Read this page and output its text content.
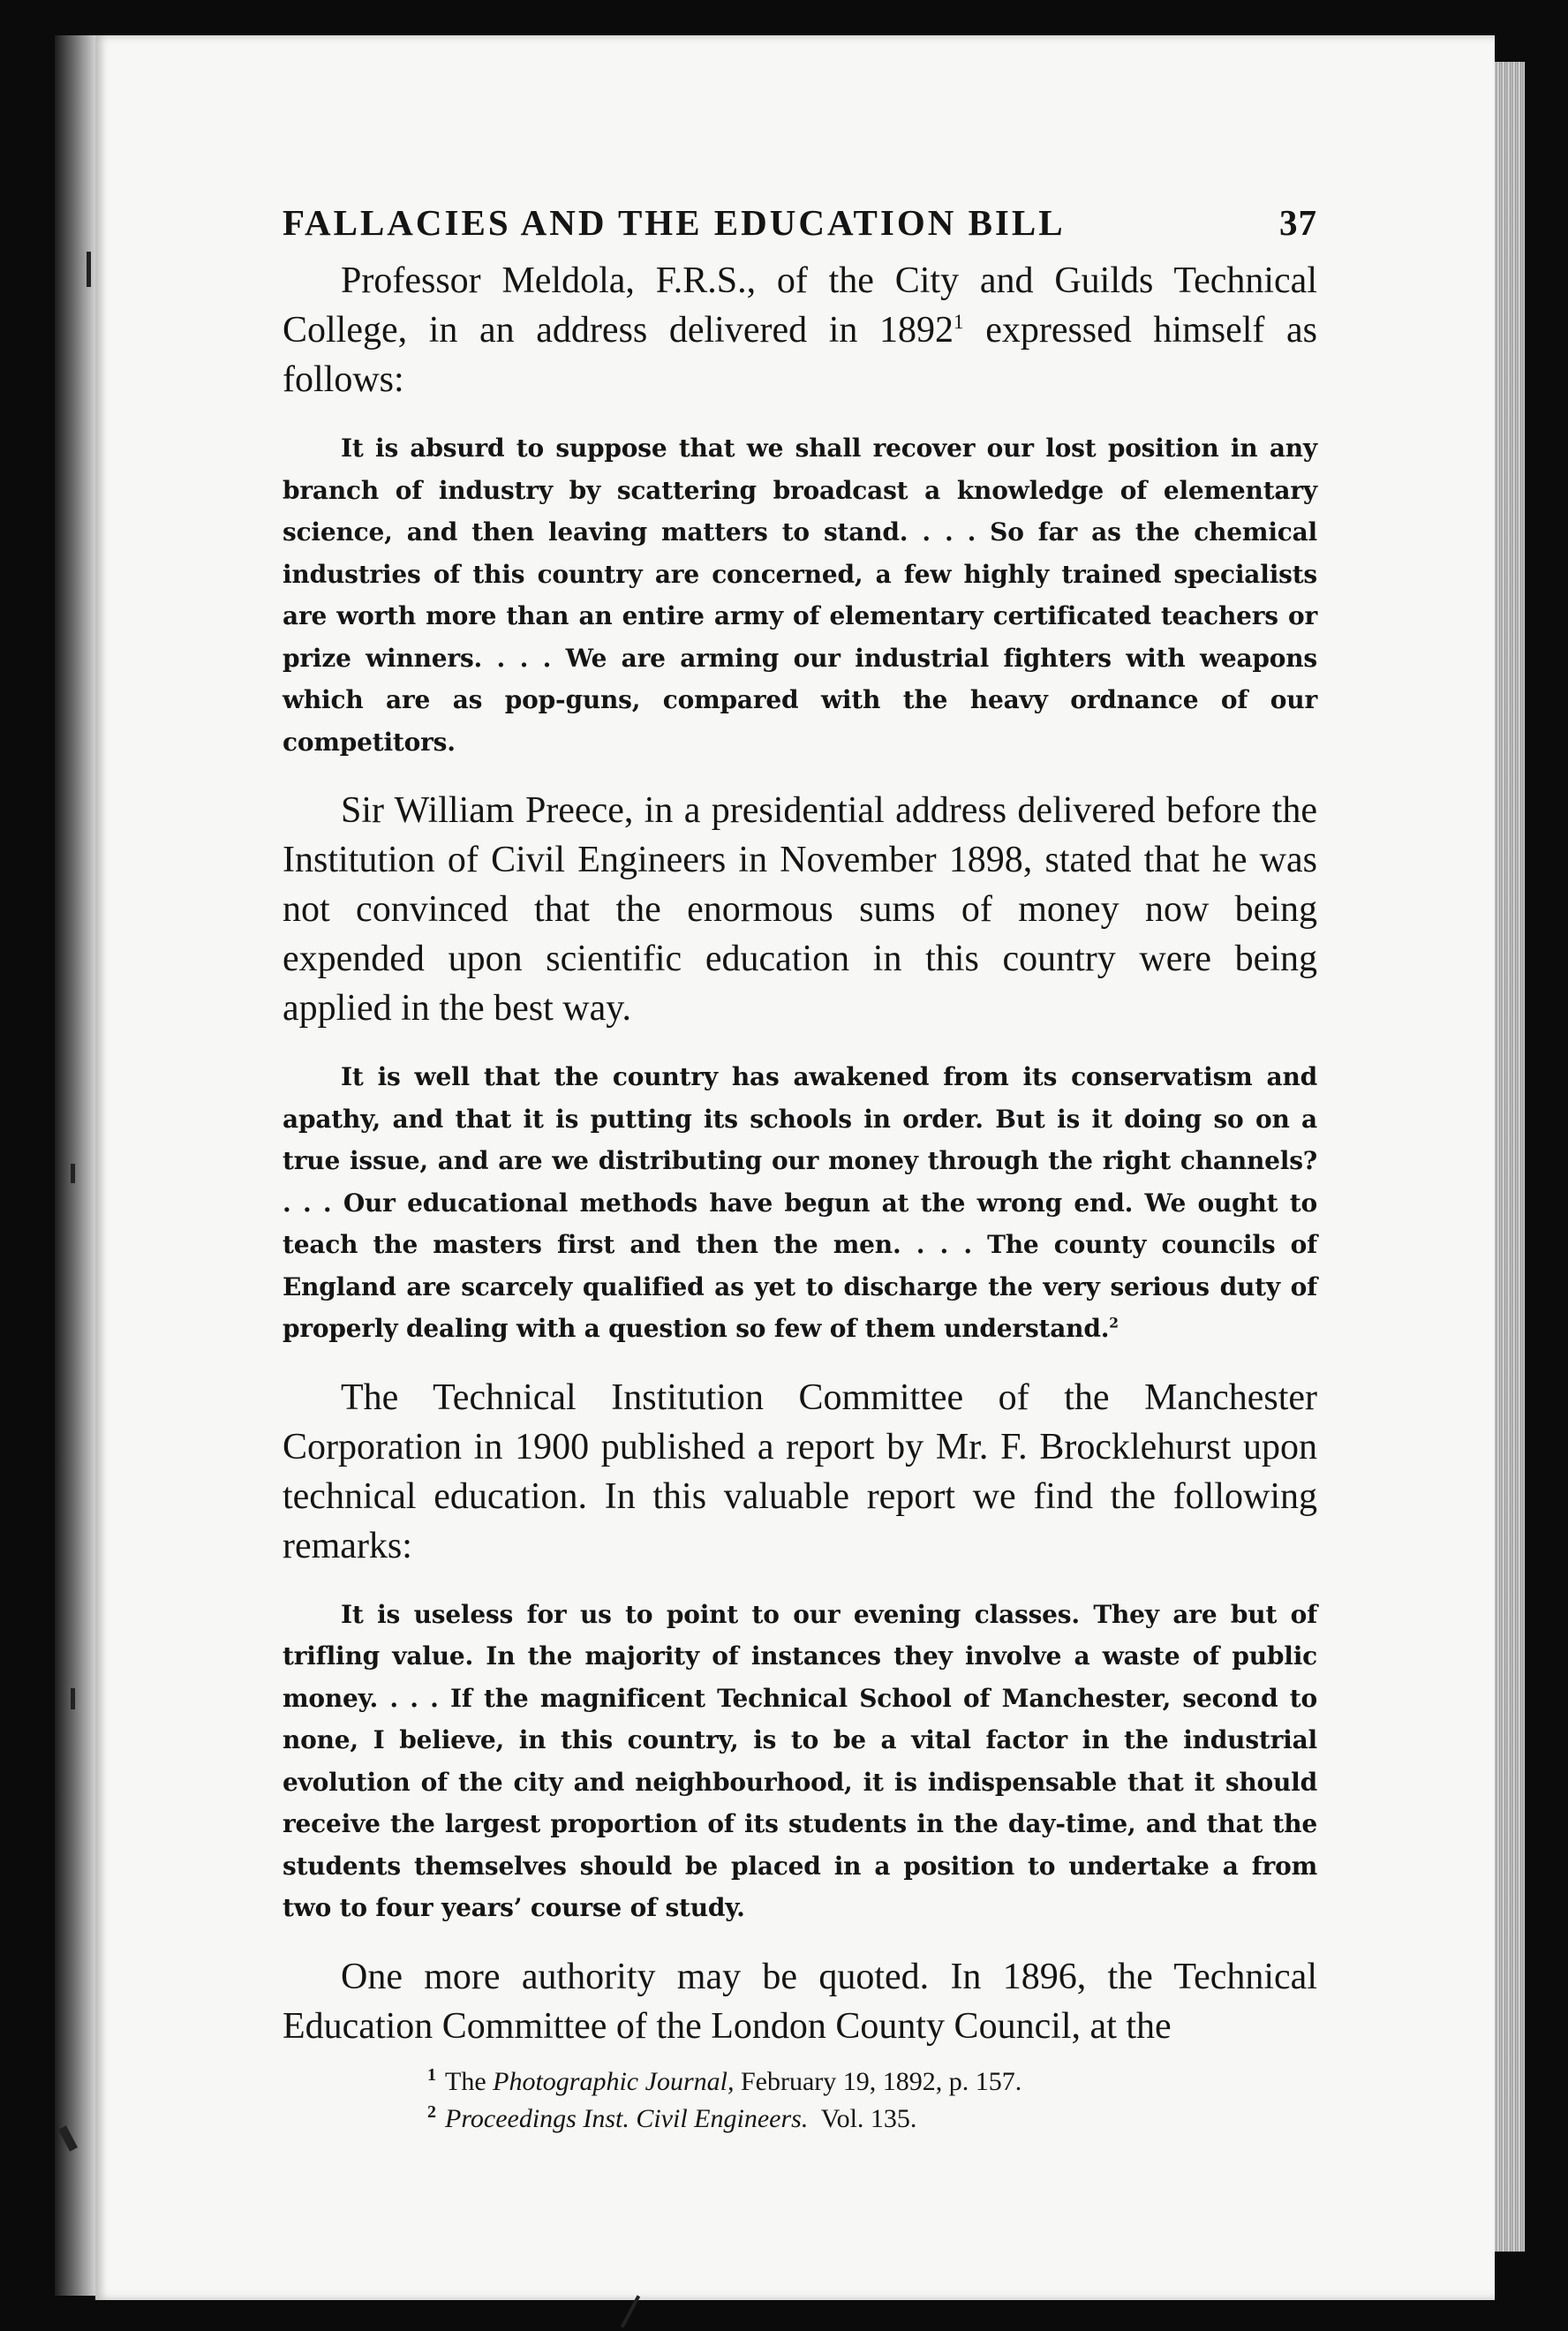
FALLACIES AND THE EDUCATION BILL	37

Professor Meldola, F.R.S., of the City and Guilds Technical College, in an address delivered in 1892$^1$ expressed himself as follows:

It is absurd to suppose that we shall recover our lost position in any branch of industry by scattering broadcast a knowledge of elementary science, and then leaving matters to stand. . . . So far as the chemical industries of this country are concerned, a few highly trained specialists are worth more than an entire army of elementary certificated teachers or prize winners. . . . We are arming our industrial fighters with weapons which are as pop-guns, compared with the heavy ordnance of our competitors.

Sir William Preece, in a presidential address delivered before the Institution of Civil Engineers in November 1898, stated that he was not convinced that the enormous sums of money now being expended upon scientific education in this country were being applied in the best way.

It is well that the country has awakened from its conservatism and apathy, and that it is putting its schools in order. But is it doing so on a true issue, and are we distributing our money through the right channels? . . . Our educational methods have begun at the wrong end. We ought to teach the masters first and then the men. . . . The county councils of England are scarcely qualified as yet to discharge the very serious duty of properly dealing with a question so few of them understand.$^2$

The Technical Institution Committee of the Manchester Corporation in 1900 published a report by Mr. F. Brocklehurst upon technical education. In this valuable report we find the following remarks:

It is useless for us to point to our evening classes. They are but of trifling value. In the majority of instances they involve a waste of public money. . . . If the magnificent Technical School of Manchester, second to none, I believe, in this country, is to be a vital factor in the industrial evolution of the city and neighbourhood, it is indispensable that it should receive the largest proportion of its students in the day-time, and that the students themselves should be placed in a position to undertake a from two to four years’ course of study.

One more authority may be quoted. In 1896, the Technical Education Committee of the London County Council, at the

$^1$ The Photographic Journal, February 19, 1892, p. 157.
$^2$ Proceedings Inst. Civil Engineers.  Vol. 135.
